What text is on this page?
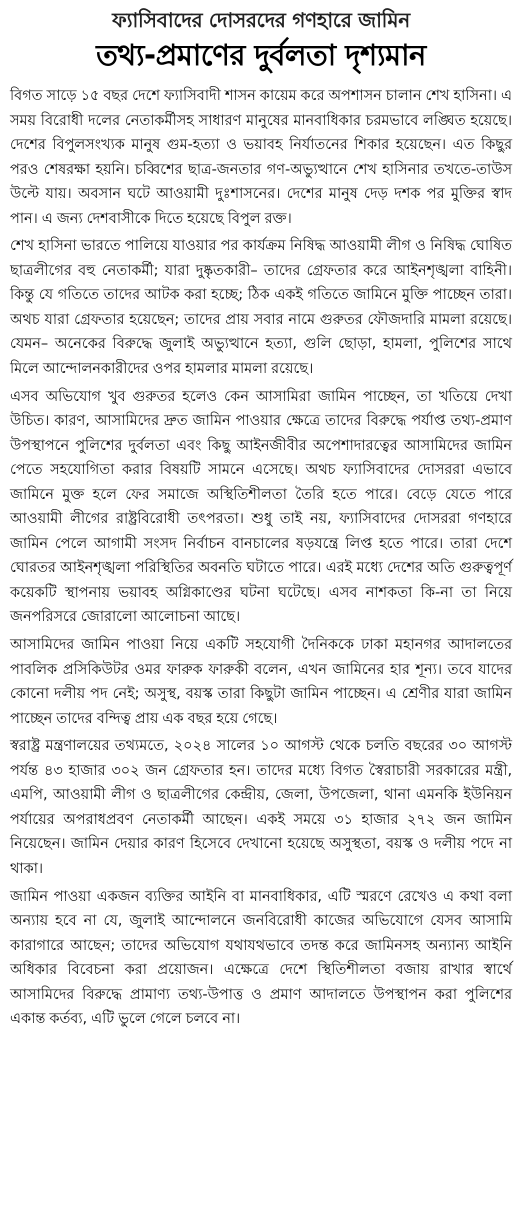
ফ্যাসিবাদের দোসরদের গণহারে জামিন
তথ্য-প্রমাণের দুর্বলতা দৃশ্যমান

বিগত সাড়ে ১৫ বছর দেশে ফ্যাসিবাদী শাসন কায়েম করে অপশাসন চালান শেখ হাসিনা। এ সময় বিরোধী দলের নেতাকর্মীসহ সাধারণ মানুষের মানবাধিকার চরমভাবে লঙ্ঘিত হয়েছে। দেশের বিপুলসংখ্যক মানুষ গুম-হত্যা ও ভয়াবহ নির্যাতনের শিকার হয়েছেন। এত কিছুর পরও শেষরক্ষা হয়নি। চব্বিশের ছাত্র-জনতার গণ-অভ্যুত্থানে শেখ হাসিনার তখতে-তাউস উল্টে যায়। অবসান ঘটে আওয়ামী দুঃশাসনের। দেশের মানুষ দেড় দশক পর মুক্তির স্বাদ পান। এ জন্য দেশবাসীকে দিতে হয়েছে বিপুল রক্ত।

শেখ হাসিনা ভারতে পালিয়ে যাওয়ার পর কার্যক্রম নিষিদ্ধ আওয়ামী লীগ ও নিষিদ্ধ ঘোষিত ছাত্রলীগের বহু নেতাকর্মী; যারা দুষ্কৃতকারী– তাদের গ্রেফতার করে আইনশৃঙ্খলা বাহিনী। কিন্তু যে গতিতে তাদের আটক করা হচ্ছে; ঠিক একই গতিতে জামিনে মুক্তি পাচ্ছেন তারা। অথচ যারা গ্রেফতার হয়েছেন; তাদের প্রায় সবার নামে গুরুতর ফৌজদারি মামলা রয়েছে। যেমন– অনেকের বিরুদ্ধে জুলাই অভ্যুত্থানে হত্যা, গুলি ছোড়া, হামলা, পুলিশের সাথে মিলে আন্দোলনকারীদের ওপর হামলার মামলা রয়েছে।

এসব অভিযোগ খুব গুরুতর হলেও কেন আসামিরা জামিন পাচ্ছেন, তা খতিয়ে দেখা উচিত। কারণ, আসামিদের দ্রুত জামিন পাওয়ার ক্ষেত্রে তাদের বিরুদ্ধে পর্যাপ্ত তথ্য-প্রমাণ উপস্থাপনে পুলিশের দুর্বলতা এবং কিছু আইনজীবীর অপেশাদারত্বের আসামিদের জামিন পেতে সহযোগিতা করার বিষয়টি সামনে এসেছে। অথচ ফ্যাসিবাদের দোসররা এভাবে জামিনে মুক্ত হলে ফের সমাজে অস্থিতিশীলতা তৈরি হতে পারে। বেড়ে যেতে পারে আওয়ামী লীগের রাষ্ট্রবিরোধী তৎপরতা। শুধু তাই নয়, ফ্যাসিবাদের দোসররা গণহারে জামিন পেলে আগামী সংসদ নির্বাচন বানচালের ষড়যন্ত্রে লিপ্ত হতে পারে। তারা দেশে ঘোরতর আইনশৃঙ্খলা পরিস্থিতির অবনতি ঘটাতে পারে। এরই মধ্যে দেশের অতি গুরুত্বপূর্ণ কয়েকটি স্থাপনায় ভয়াবহ অগ্নিকাণ্ডের ঘটনা ঘটেছে। এসব নাশকতা কি-না তা নিয়ে জনপরিসরে জোরালো আলোচনা আছে।

আসামিদের জামিন পাওয়া নিয়ে একটি সহযোগী দৈনিককে ঢাকা মহানগর আদালতের পাবলিক প্রসিকিউটর ওমর ফারুক ফারুকী বলেন, এখন জামিনের হার শূন্য। তবে যাদের কোনো দলীয় পদ নেই; অসুস্থ, বয়স্ক তারা কিছুটা জামিন পাচ্ছেন। এ শ্রেণীর যারা জামিন পাচ্ছেন তাদের বন্দিত্ব প্রায় এক বছর হয়ে গেছে।

স্বরাষ্ট্র মন্ত্রণালয়ের তথ্যমতে, ২০২৪ সালের ১০ আগস্ট থেকে চলতি বছরের ৩০ আগস্ট পর্যন্ত ৪৩ হাজার ৩০২ জন গ্রেফতার হন। তাদের মধ্যে বিগত স্বৈরাচারী সরকারের মন্ত্রী, এমপি, আওয়ামী লীগ ও ছাত্রলীগের কেন্দ্রীয়, জেলা, উপজেলা, থানা এমনকি ইউনিয়ন পর্যায়ের অপরাধপ্রবণ নেতাকর্মী আছেন। একই সময়ে ৩১ হাজার ২৭২ জন জামিন নিয়েছেন। জামিন দেয়ার কারণ হিসেবে দেখানো হয়েছে অসুস্থতা, বয়স্ক ও দলীয় পদে না থাকা।

জামিন পাওয়া একজন ব্যক্তির আইনি বা মানবাধিকার, এটি স্মরণে রেখেও এ কথা বলা অন্যায় হবে না যে, জুলাই আন্দোলনে জনবিরোধী কাজের অভিযোগে যেসব আসামি কারাগারে আছেন; তাদের অভিযোগ যথাযথভাবে তদন্ত করে জামিনসহ অন্যান্য আইনি অধিকার বিবেচনা করা প্রয়োজন। এক্ষেত্রে দেশে স্থিতিশীলতা বজায় রাখার স্বার্থে আসামিদের বিরুদ্ধে প্রামাণ্য তথ্য-উপাত্ত ও প্রমাণ আদালতে উপস্থাপন করা পুলিশের একান্ত কর্তব্য, এটি ভুলে গেলে চলবে না।
